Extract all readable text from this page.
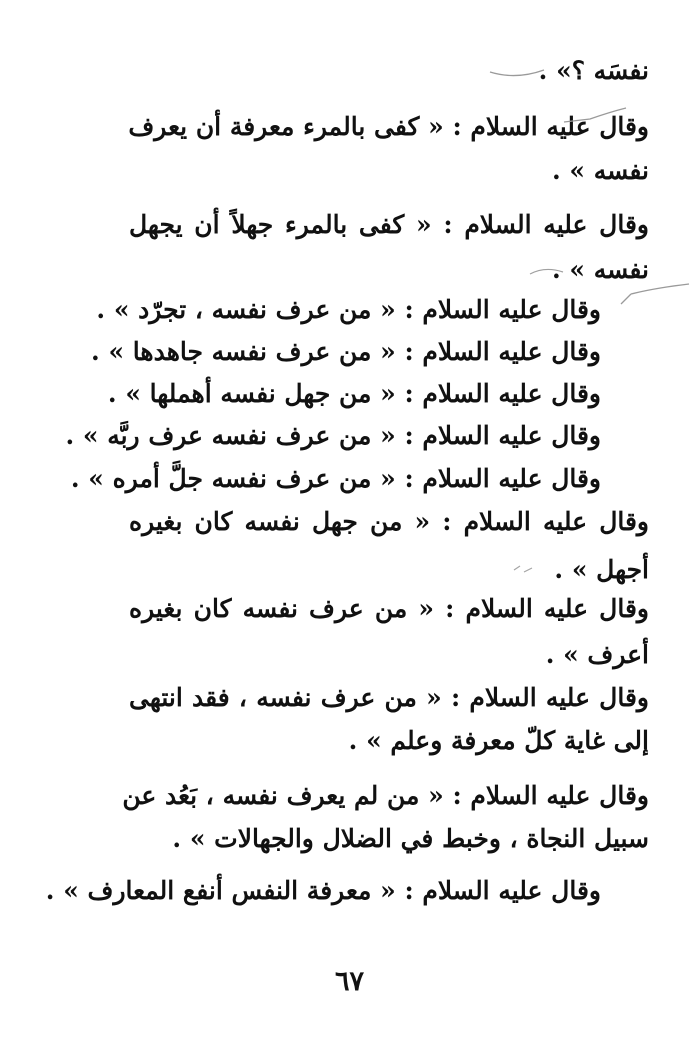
نفسَه ؟» .
وقال عليه السلام : « كفى بالمرء معرفة أن يعرف
نفسه » .
وقال عليه السلام : « كفى بالمرء جهلاً أن يجهل
نفسه » .
وقال عليه السلام : « من عرف نفسه ، تجرّد » .
وقال عليه السلام : « من عرف نفسه جاهدها » .
وقال عليه السلام : « من جهل نفسه أهملها » .
وقال عليه السلام : « من عرف نفسه عرف ربَّه » .
وقال عليه السلام : « من عرف نفسه جلَّ أمره » .
وقال عليه السلام : « من جهل نفسه كان بغيره
أجهل » .
وقال عليه السلام : « من عرف نفسه كان بغيره
أعرف » .
وقال عليه السلام : « من عرف نفسه ، فقد انتهى
إلى غاية كلّ معرفة وعلم » .
وقال عليه السلام : « من لم يعرف نفسه ، بَعُد عن
سبيل النجاة ، وخبط في الضلال والجهالات » .
وقال عليه السلام : « معرفة النفس أنفع المعارف » .
٦٧
